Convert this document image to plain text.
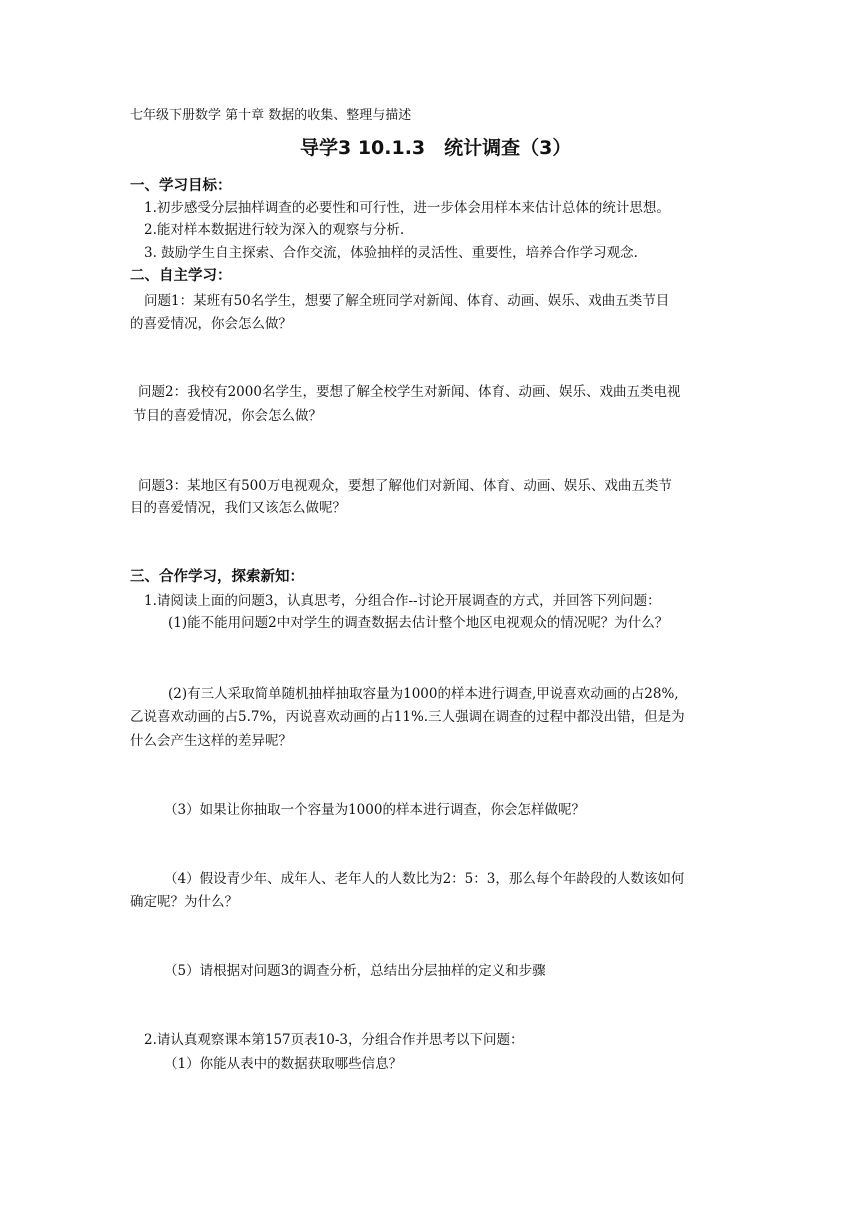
七年级下册数学 第十章 数据的收集、整理与描述
导学3 10.1.3　统计调查（3）
一、学习目标：
1.初步感受分层抽样调查的必要性和可行性，进一步体会用样本来估计总体的统计思想。
2.能对样本数据进行较为深入的观察与分析.
3. 鼓励学生自主探索、合作交流，体验抽样的灵活性、重要性，培养合作学习观念.
二、自主学习：
问题1：某班有50名学生，想要了解全班同学对新闻、体育、动画、娱乐、戏曲五类节目
的喜爱情况，你会怎么做？
问题2：我校有2000名学生，要想了解全校学生对新闻、体育、动画、娱乐、戏曲五类电视
节目的喜爱情况，你会怎么做？
问题3：某地区有500万电视观众，要想了解他们对新闻、体育、动画、娱乐、戏曲五类节
目的喜爱情况，我们又该怎么做呢？
三、合作学习，探索新知：
1.请阅读上面的问题3，认真思考，分组合作--讨论开展调查的方式，并回答下列问题：
(1)能不能用问题2中对学生的调查数据去估计整个地区电视观众的情况呢？为什么？
(2)有三人采取简单随机抽样抽取容量为1000的样本进行调查,甲说喜欢动画的占28%,
乙说喜欢动画的占5.7%，丙说喜欢动画的占11%.三人强调在调查的过程中都没出错，但是为
什么会产生这样的差异呢？
（3）如果让你抽取一个容量为1000的样本进行调查，你会怎样做呢？
（4）假设青少年、成年人、老年人的人数比为2：5：3，那么每个年龄段的人数该如何
确定呢？为什么？
（5）请根据对问题3的调查分析，总结出分层抽样的定义和步骤
2.请认真观察课本第157页表10-3，分组合作并思考以下问题：
（1）你能从表中的数据获取哪些信息？
